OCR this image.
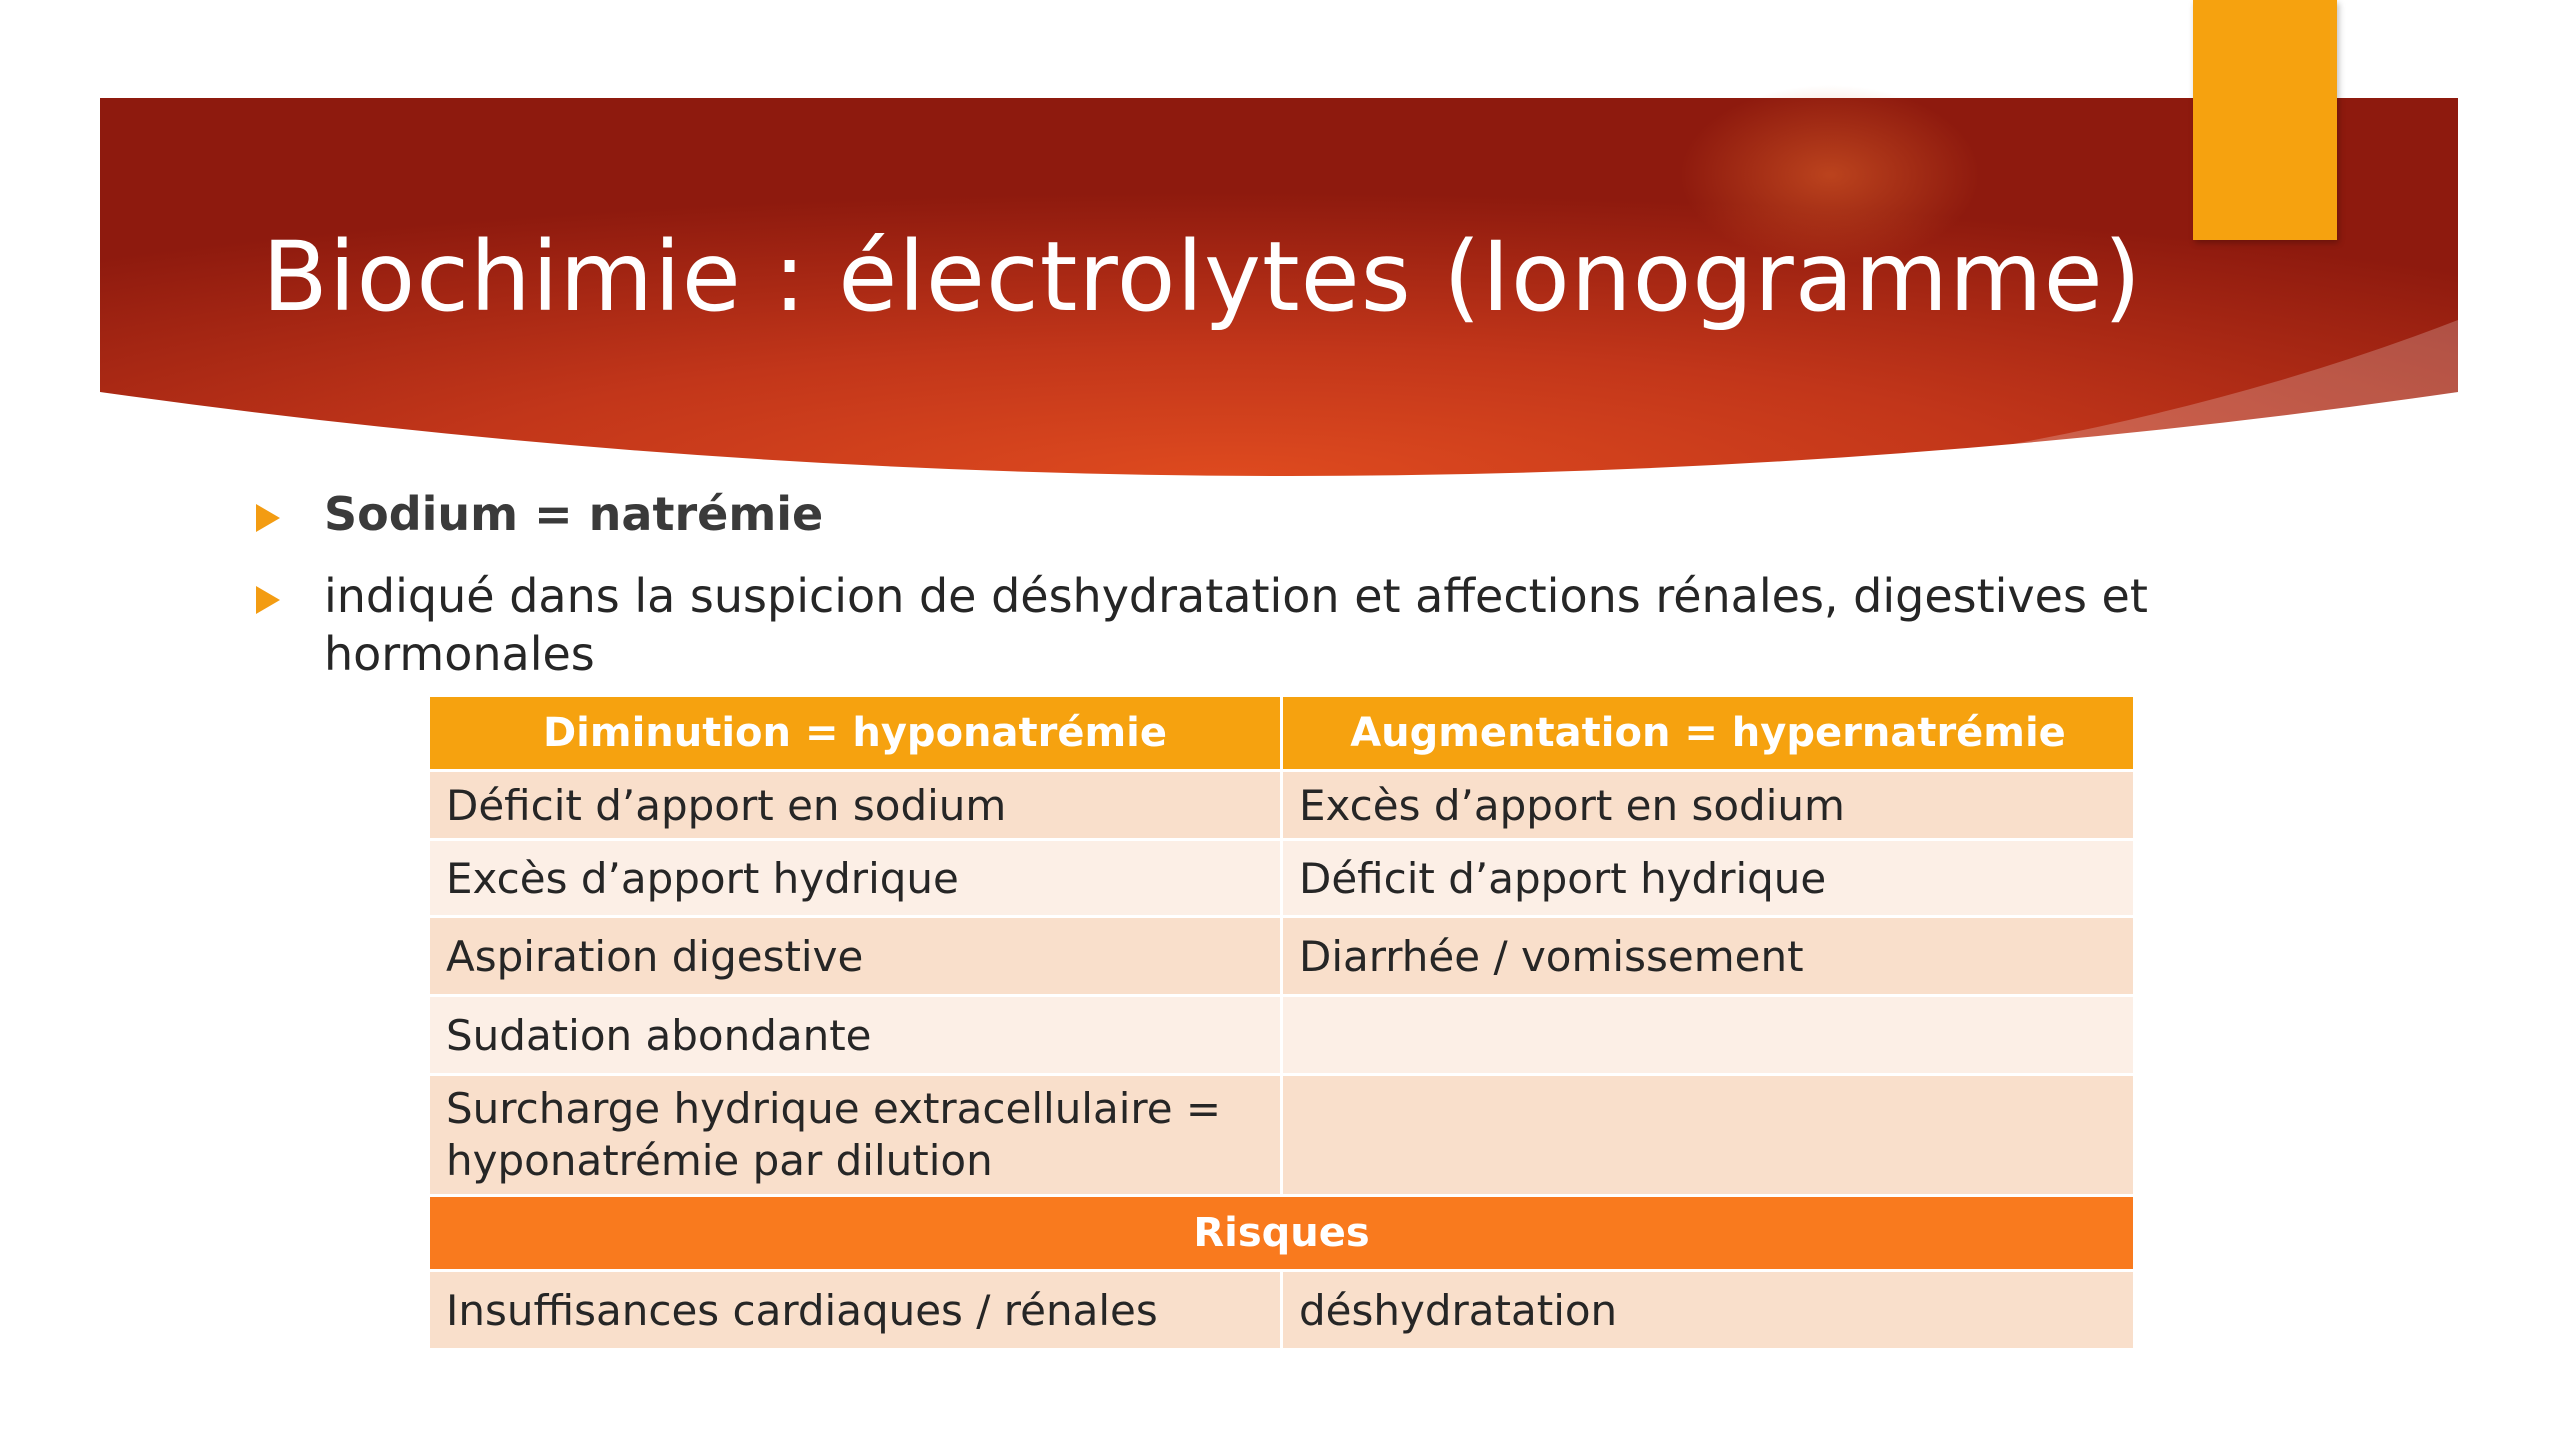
Biochimie : électrolytes (Ionogramme)
Sodium = natrémie
indiqué dans la suspicion de déshydratation et affections rénales, digestives et hormonales
Diminution = hyponatrémie	Augmentation = hypernatrémie
Déficit d’apport en sodium	Excès d’apport en sodium
Excès d’apport hydrique	Déficit d’apport hydrique
Aspiration digestive	Diarrhée / vomissement
Sudation abondante	
Surcharge hydrique extracellulaire = hyponatrémie par dilution	
Risques	
Insuffisances cardiaques / rénales	déshydratation
